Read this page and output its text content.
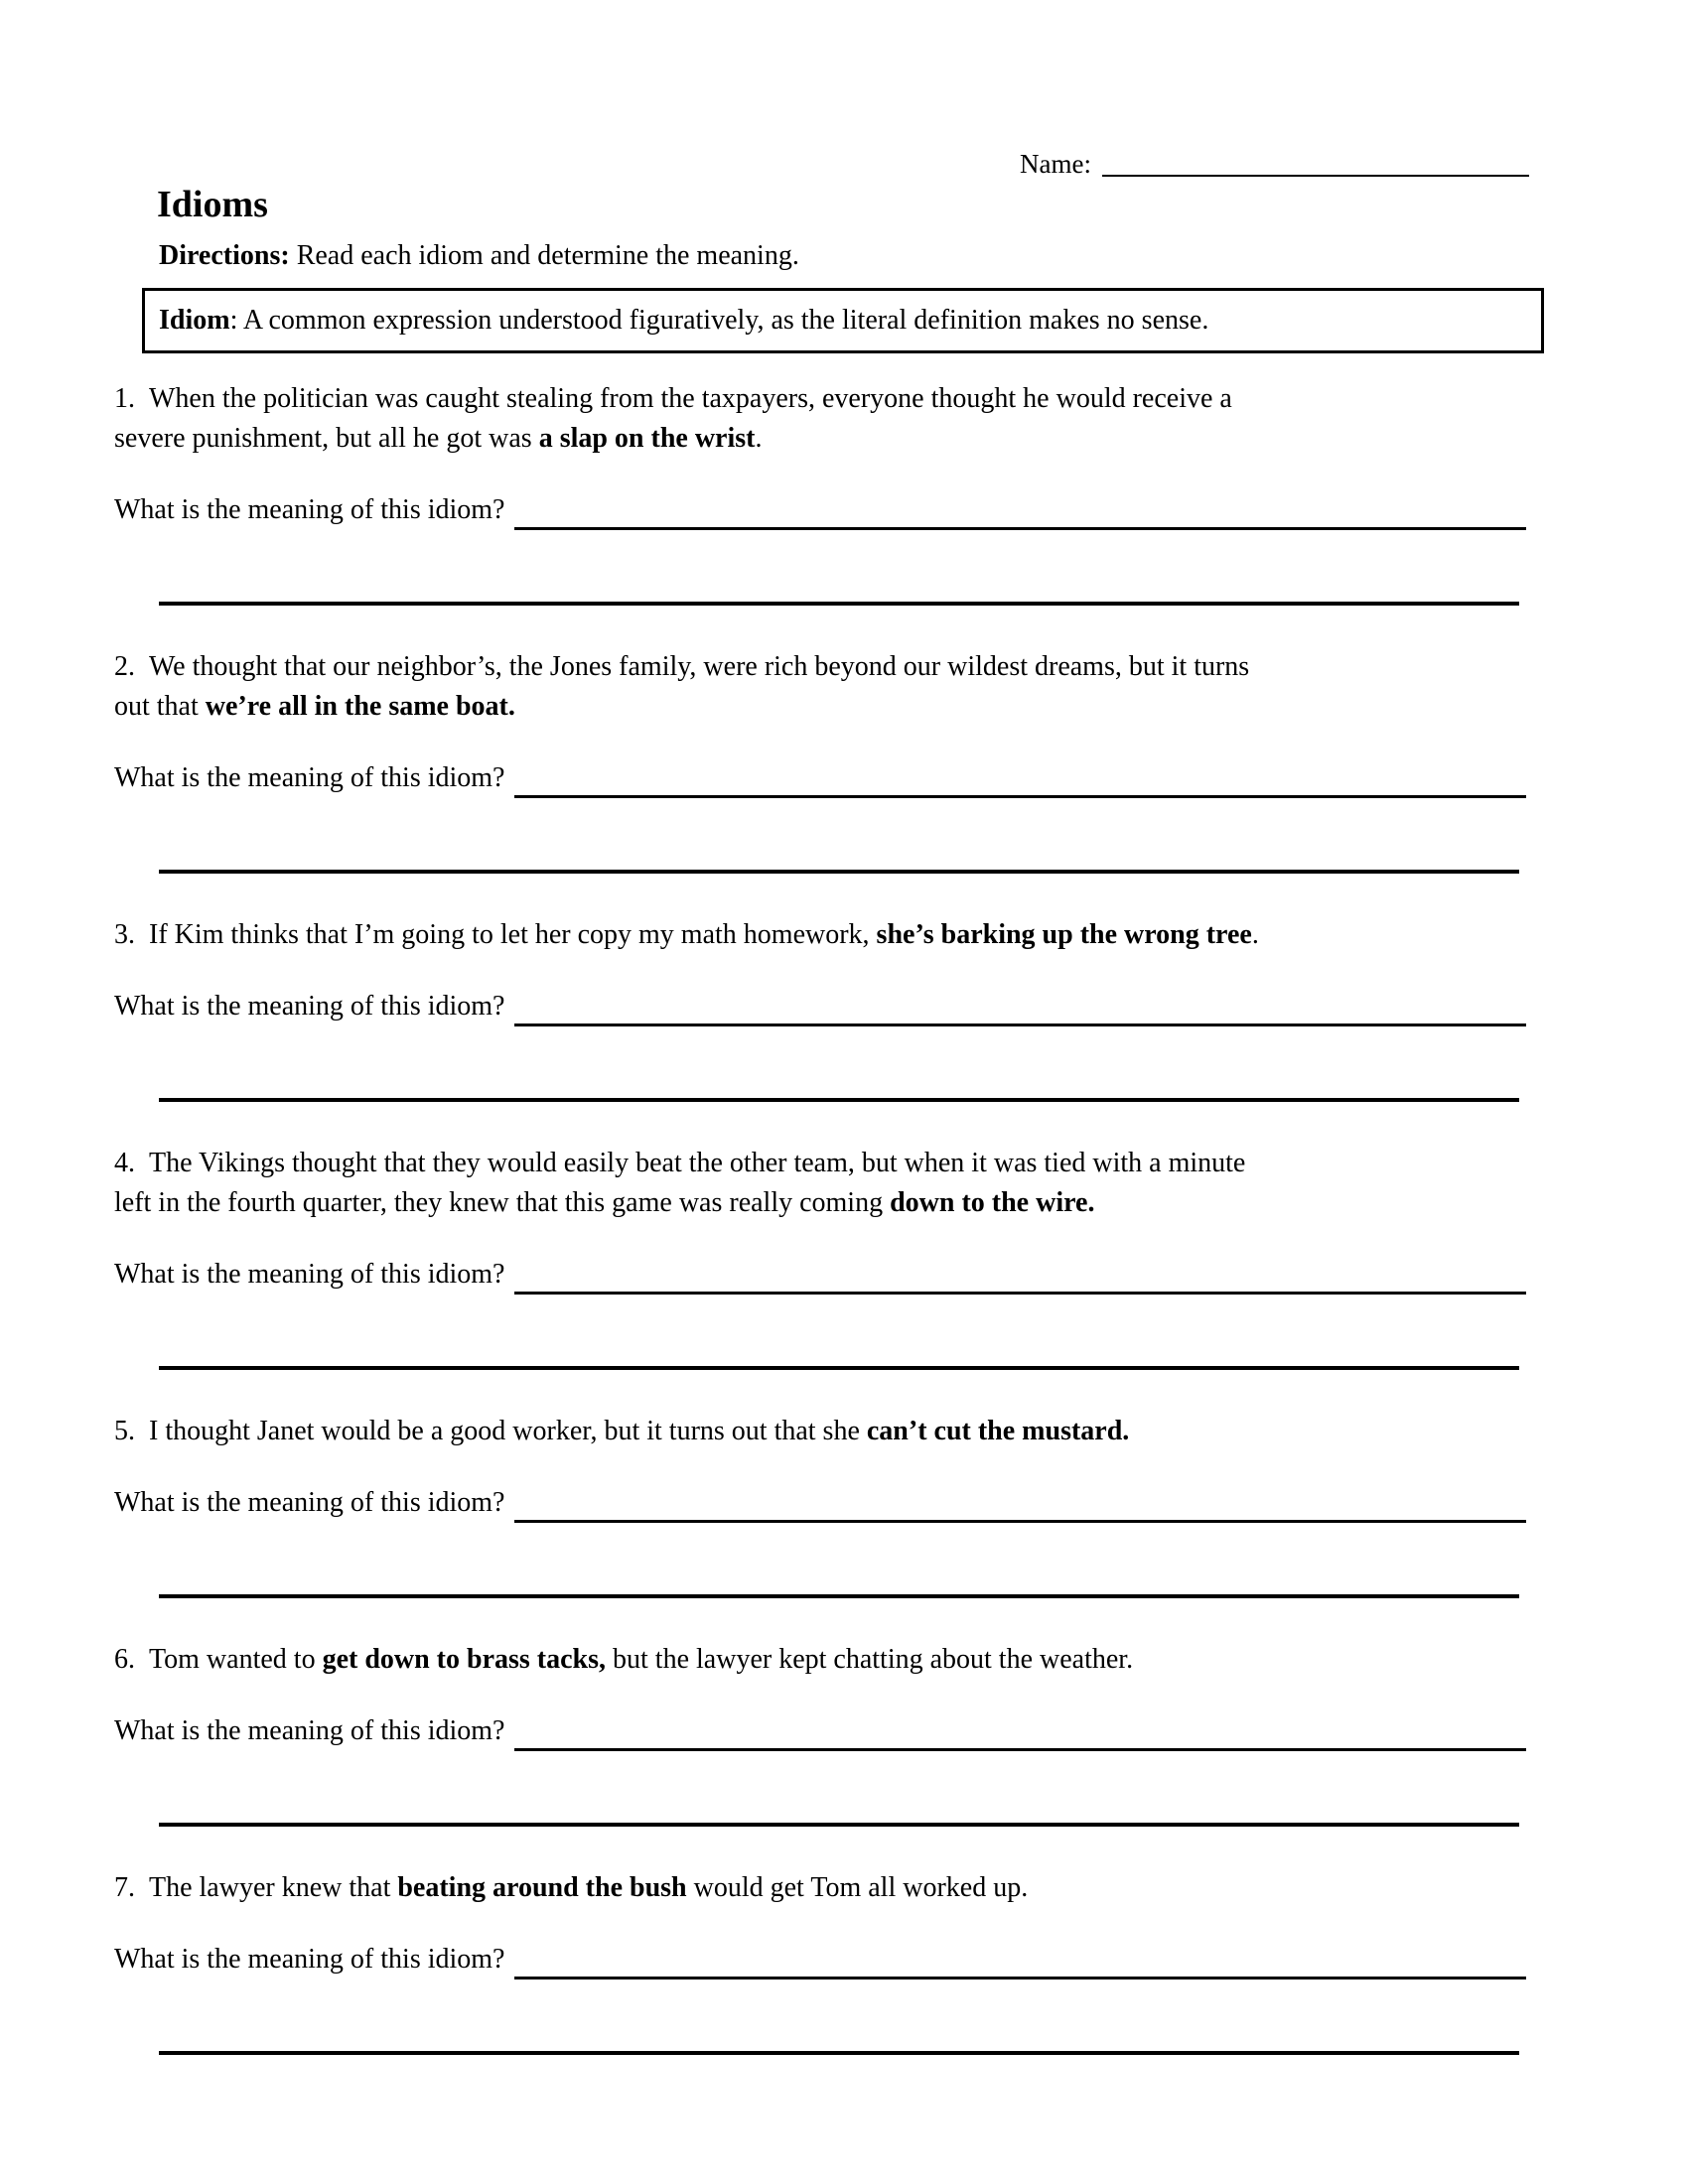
Name:
Idioms

Directions: Read each idiom and determine the meaning.

Idiom: A common expression understood figuratively, as the literal definition makes no sense.

1. When the politician was caught stealing from the taxpayers, everyone thought he would receive a
severe punishment, but all he got was a slap on the wrist.

What is the meaning of this idiom?

2. We thought that our neighbor’s, the Jones family, were rich beyond our wildest dreams, but it turns
out that we’re all in the same boat.

What is the meaning of this idiom?

3. If Kim thinks that I’m going to let her copy my math homework, she’s barking up the wrong tree.

What is the meaning of this idiom?

4. The Vikings thought that they would easily beat the other team, but when it was tied with a minute
left in the fourth quarter, they knew that this game was really coming down to the wire.

What is the meaning of this idiom?

5. I thought Janet would be a good worker, but it turns out that she can’t cut the mustard.

What is the meaning of this idiom?

6. Tom wanted to get down to brass tacks, but the lawyer kept chatting about the weather.

What is the meaning of this idiom?

7. The lawyer knew that beating around the bush would get Tom all worked up.

What is the meaning of this idiom?
